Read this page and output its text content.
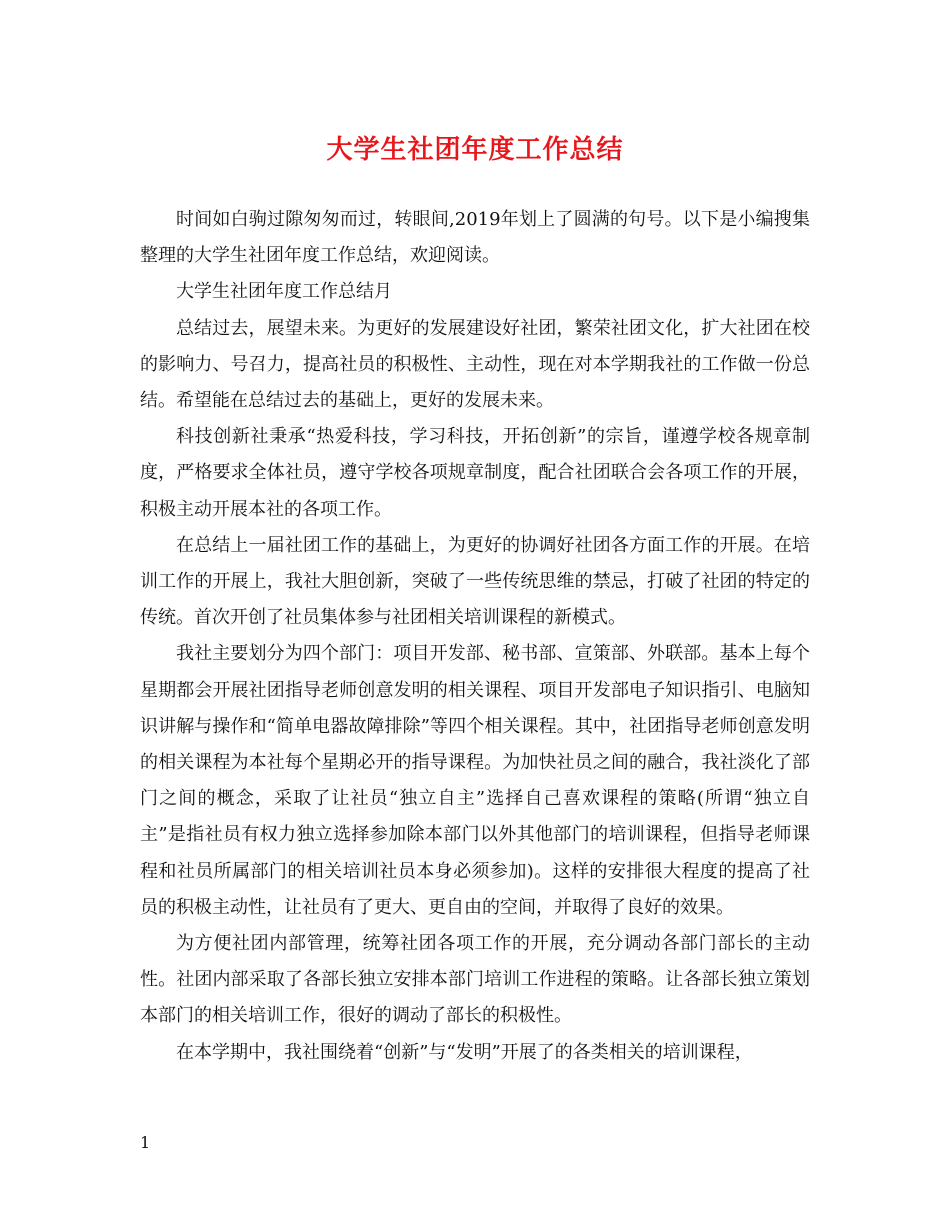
大学生社团年度工作总结

时间如白驹过隙匆匆而过，转眼间,2019年划上了圆满的句号。以下是小编搜集整理的大学生社团年度工作总结，欢迎阅读。

大学生社团年度工作总结月

总结过去，展望未来。为更好的发展建设好社团，繁荣社团文化，扩大社团在校的影响力、号召力，提高社员的积极性、主动性，现在对本学期我社的工作做一份总结。希望能在总结过去的基础上，更好的发展未来。

科技创新社秉承“热爱科技，学习科技，开拓创新”的宗旨，谨遵学校各规章制度，严格要求全体社员，遵守学校各项规章制度，配合社团联合会各项工作的开展，积极主动开展本社的各项工作。

在总结上一届社团工作的基础上，为更好的协调好社团各方面工作的开展。在培训工作的开展上，我社大胆创新，突破了一些传统思维的禁忌，打破了社团的特定的传统。首次开创了社员集体参与社团相关培训课程的新模式。

我社主要划分为四个部门：项目开发部、秘书部、宣策部、外联部。基本上每个星期都会开展社团指导老师创意发明的相关课程、项目开发部电子知识指引、电脑知识讲解与操作和“简单电器故障排除”等四个相关课程。其中，社团指导老师创意发明的相关课程为本社每个星期必开的指导课程。为加快社员之间的融合，我社淡化了部门之间的概念，采取了让社员“独立自主”选择自己喜欢课程的策略(所谓“独立自主”是指社员有权力独立选择参加除本部门以外其他部门的培训课程，但指导老师课程和社员所属部门的相关培训社员本身必须参加)。这样的安排很大程度的提高了社员的积极主动性，让社员有了更大、更自由的空间，并取得了良好的效果。

为方便社团内部管理，统筹社团各项工作的开展，充分调动各部门部长的主动性。社团内部采取了各部长独立安排本部门培训工作进程的策略。让各部长独立策划本部门的相关培训工作，很好的调动了部长的积极性。

在本学期中，我社围绕着“创新”与“发明”开展了的各类相关的培训课程，

1
